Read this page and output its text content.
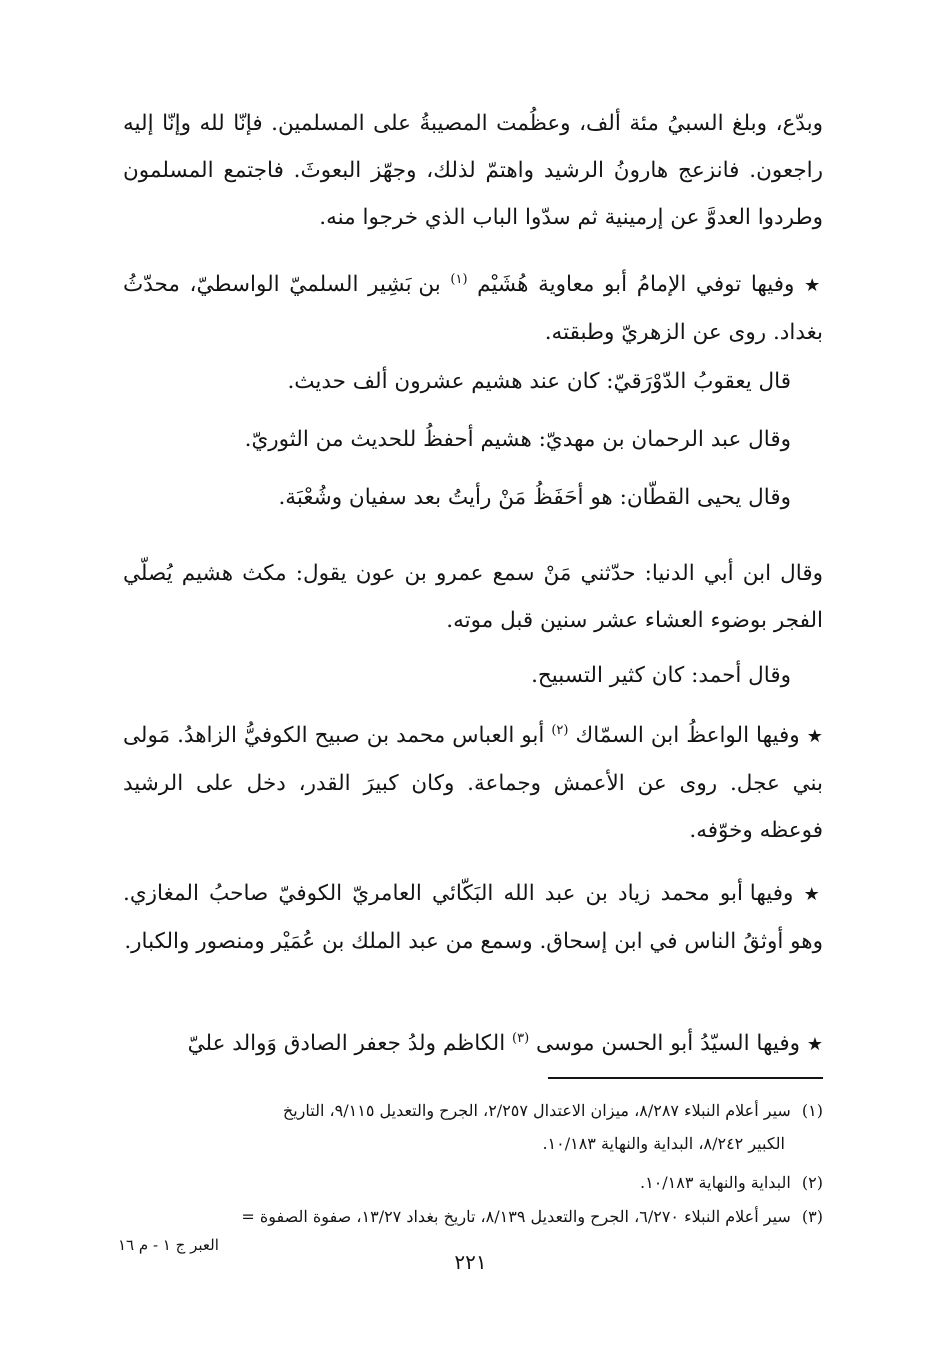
وبدّع، وبلغ السبيُ مئة ألف، وعظُمت المصيبةُ على المسلمين. فإنّا لله وإنّا إليه راجعون. فانزعج هارونُ الرشيد واهتمّ لذلك، وجهّز البعوثَ. فاجتمع المسلمون وطردوا العدوَّ عن إرمينية ثم سدّوا الباب الذي خرجوا منه.

★ وفيها توفي الإمامُ أبو معاوية هُشَيْم $^{(١)}$ بن بَشِير السلميّ الواسطيّ، محدّثُ بغداد. روى عن الزهريّ وطبقته.

قال يعقوبُ الدّوْرَقيّ: كان عند هشيم عشرون ألف حديث.

وقال عبد الرحمان بن مهديّ: هشيم أحفظُ للحديث من الثوريّ.

وقال يحيى القطّان: هو أحَفَظُ مَنْ رأيتُ بعد سفيان وشُعْبَة.

وقال ابن أبي الدنيا: حدّثني مَنْ سمع عمرو بن عون يقول: مكث هشيم يُصلّي الفجر بوضوء العشاء عشر سنين قبل موته.

وقال أحمد: كان كثير التسبيح.

★ وفيها الواعظُ ابن السمّاك $^{(٢)}$ أبو العباس محمد بن صبيح الكوفيُّ الزاهدُ. مَولى بني عجل. روى عن الأعمش وجماعة. وكان كبيرَ القدر، دخل على الرشيد فوعظه وخوّفه.

★ وفيها أبو محمد زياد بن عبد الله البَكّائي العامريّ الكوفيّ صاحبُ المغازي. وهو أوثقُ الناس في ابن إسحاق. وسمع من عبد الملك بن عُمَيْر ومنصور والكبار.

★ وفيها السيّدُ أبو الحسن موسى $^{(٣)}$ الكاظم ولدُ جعفر الصادق وَوالد عليّ

(١) سير أعلام النبلاء ٨/٢٨٧، ميزان الاعتدال ٢/٢٥٧، الجرح والتعديل ٩/١١٥، التاريخ
الكبير ٨/٢٤٢، البداية والنهاية ١٠/١٨٣.

(٢) البداية والنهاية ١٠/١٨٣.

(٣) سير أعلام النبلاء ٦/٢٧٠، الجرح والتعديل ٨/١٣٩، تاريخ بغداد ١٣/٢٧، صفوة الصفوة =

العبر ج ١ - م ١٦
٢٢١
